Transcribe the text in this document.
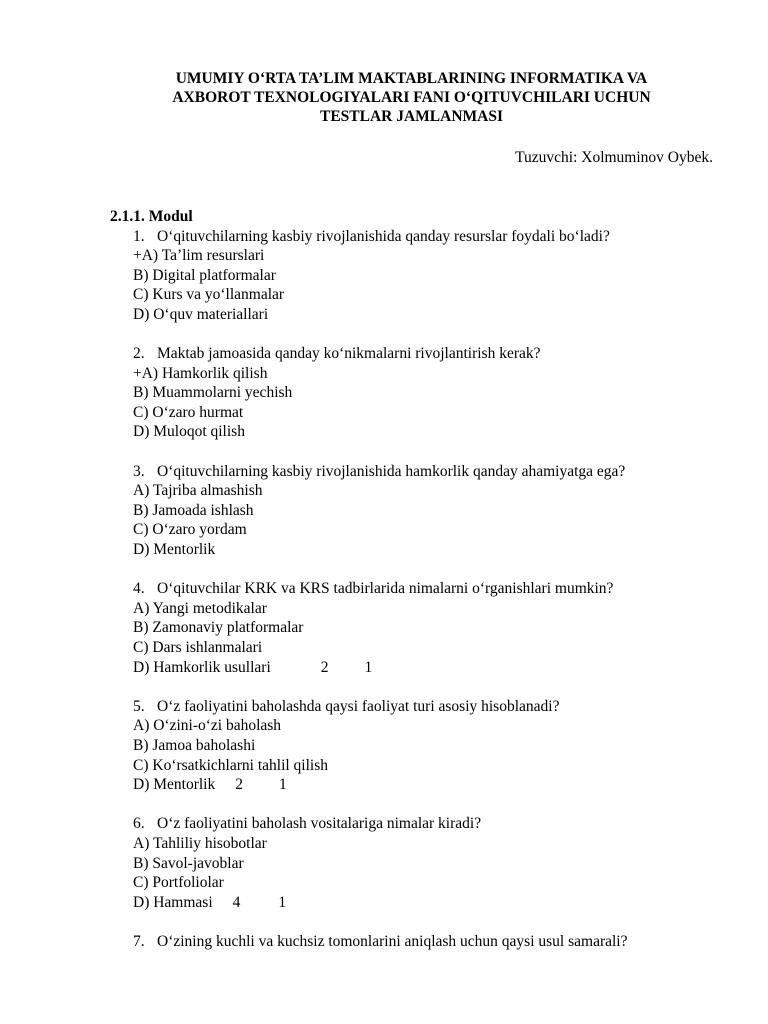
UMUMIY O‘RTA TA’LIM MAKTABLARINING INFORMATIKA VA
AXBOROT TEXNOLOGIYALARI FANI O‘QITUVCHILARI UCHUN
TESTLAR JAMLANMASI
Tuzuvchi: Xolmuminov Oybek.
2.1.1. Modul
1. O‘qituvchilarning kasbiy rivojlanishida qanday resurslar foydali bo‘ladi?
+A) Ta’lim resurslari
B) Digital platformalar
C) Kurs va yo‘llanmalar
D) O‘quv materiallari
2. Maktab jamoasida qanday ko‘nikmalarni rivojlantirish kerak?
+A) Hamkorlik qilish
B) Muammolarni yechish
C) O‘zaro hurmat
D) Muloqot qilish
3. O‘qituvchilarning kasbiy rivojlanishida hamkorlik qanday ahamiyatga ega?
A) Tajriba almashish
B) Jamoada ishlash
C) O‘zaro yordam
D) Mentorlik
4. O‘qituvchilar KRK va KRS tadbirlarida nimalarni o‘rganishlari mumkin?
A) Yangi metodikalar
B) Zamonaviy platformalar
C) Dars ishlanmalari
D) Hamkorlik usullari	2 1
5. O‘z faoliyatini baholashda qaysi faoliyat turi asosiy hisoblanadi?
A) O‘zini-o‘zi baholash
B) Jamoa baholashi
C) Ko‘rsatkichlarni tahlil qilish
D) Mentorlik 2 1
6. O‘z faoliyatini baholash vositalariga nimalar kiradi?
A) Tahliliy hisobotlar
B) Savol-javoblar
C) Portfoliolar
D) Hammasi 4 1
7. O‘zining kuchli va kuchsiz tomonlarini aniqlash uchun qaysi usul samarali?
